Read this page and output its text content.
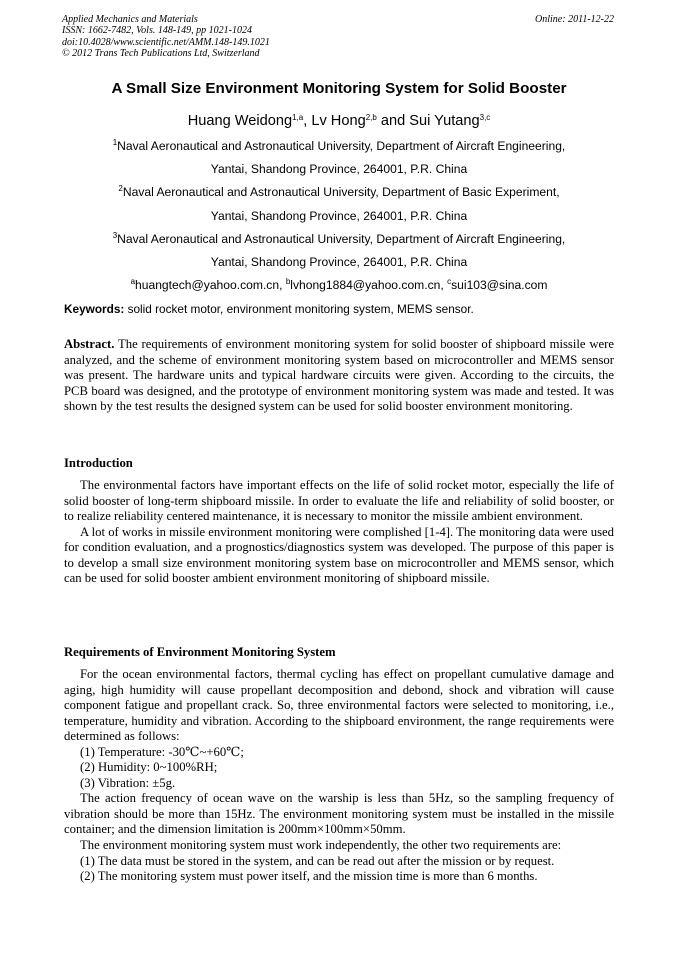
Applied Mechanics and Materials
ISSN: 1662-7482, Vols. 148-149, pp 1021-1024
doi:10.4028/www.scientific.net/AMM.148-149.1021
© 2012 Trans Tech Publications Ltd, Switzerland
Online: 2011-12-22
A Small Size Environment Monitoring System for Solid Booster
Huang Weidong$^{1,a}$, Lv Hong$^{2,b}$ and Sui Yutang$^{3,c}$
$^1$Naval Aeronautical and Astronautical University, Department of Aircraft Engineering,
Yantai, Shandong Province, 264001, P.R. China
$^2$Naval Aeronautical and Astronautical University, Department of Basic Experiment,
Yantai, Shandong Province, 264001, P.R. China
$^3$Naval Aeronautical and Astronautical University, Department of Aircraft Engineering,
Yantai, Shandong Province, 264001, P.R. China
$^a$huangtech@yahoo.com.cn, $^b$lvhong1884@yahoo.com.cn, $^c$sui103@sina.com
Keywords: solid rocket motor, environment monitoring system, MEMS sensor.

Abstract. The requirements of environment monitoring system for solid booster of shipboard missile were analyzed, and the scheme of environment monitoring system based on microcontroller and MEMS sensor was present. The hardware units and typical hardware circuits were given. According to the circuits, the PCB board was designed, and the prototype of environment monitoring system was made and tested. It was shown by the test results the designed system can be used for solid booster environment monitoring.

Introduction

The environmental factors have important effects on the life of solid rocket motor, especially the life of solid booster of long-term shipboard missile. In order to evaluate the life and reliability of solid booster, or to realize reliability centered maintenance, it is necessary to monitor the missile ambient environment.

A lot of works in missile environment monitoring were complished [1-4]. The monitoring data were used for condition evaluation, and a prognostics/diagnostics system was developed. The purpose of this paper is to develop a small size environment monitoring system base on microcontroller and MEMS sensor, which can be used for solid booster ambient environment monitoring of shipboard missile.

Requirements of Environment Monitoring System

For the ocean environmental factors, thermal cycling has effect on propellant cumulative damage and aging, high humidity will cause propellant decomposition and debond, shock and vibration will cause component fatigue and propellant crack. So, three environmental factors were selected to monitoring, i.e., temperature, humidity and vibration. According to the shipboard environment, the range requirements were determined as follows:

(1) Temperature: -30℃~+60℃;

(2) Humidity: 0~100%RH;

(3) Vibration: ±5g.

The action frequency of ocean wave on the warship is less than 5Hz, so the sampling frequency of vibration should be more than 15Hz. The environment monitoring system must be installed in the missile container; and the dimension limitation is 200mm×100mm×50mm.

The environment monitoring system must work independently, the other two requirements are:

(1) The data must be stored in the system, and can be read out after the mission or by request.

(2) The monitoring system must power itself, and the mission time is more than 6 months.
